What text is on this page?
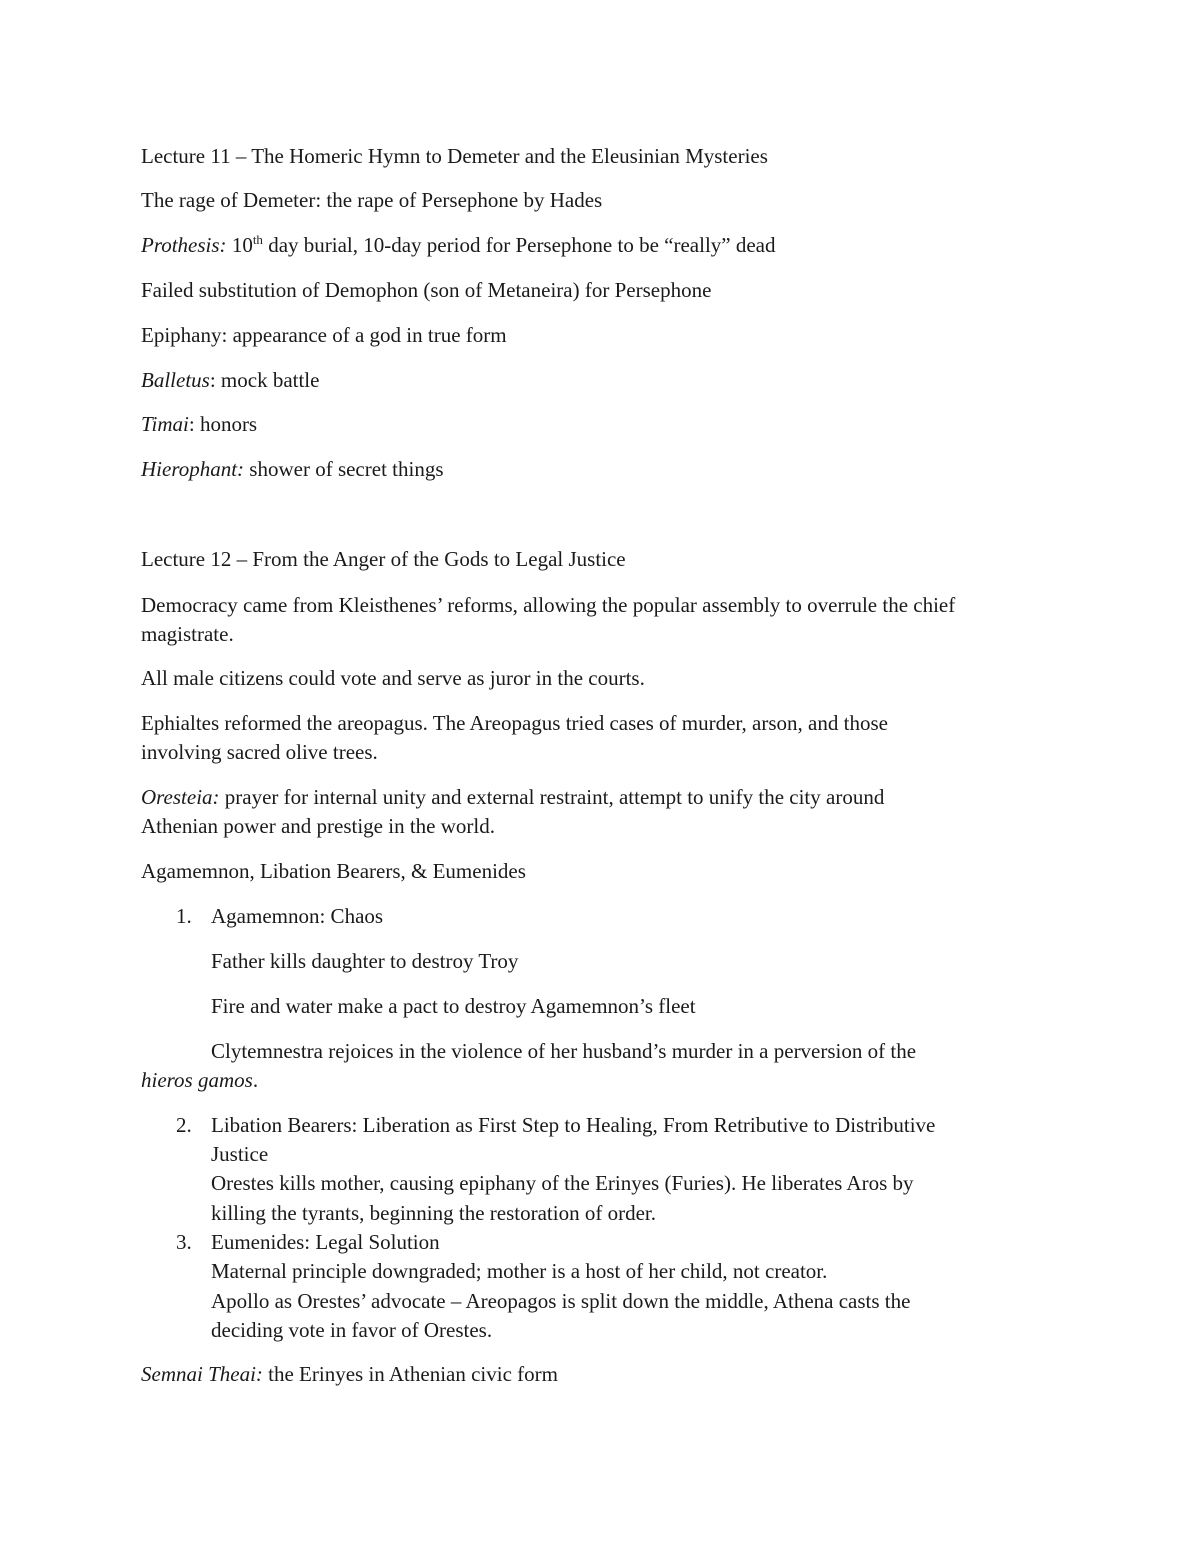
Lecture 11 – The Homeric Hymn to Demeter and the Eleusinian Mysteries
The rage of Demeter: the rape of Persephone by Hades
Prothesis: 10th day burial, 10-day period for Persephone to be “really” dead
Failed substitution of Demophon (son of Metaneira) for Persephone
Epiphany: appearance of a god in true form
Balletus: mock battle
Timai: honors
Hierophant: shower of secret things
Lecture 12 – From the Anger of the Gods to Legal Justice
Democracy came from Kleisthenes’ reforms, allowing the popular assembly to overrule the chief
magistrate.
All male citizens could vote and serve as juror in the courts.
Ephialtes reformed the areopagus. The Areopagus tried cases of murder, arson, and those
involving sacred olive trees.
Oresteia: prayer for internal unity and external restraint, attempt to unify the city around
Athenian power and prestige in the world.
Agamemnon, Libation Bearers, & Eumenides
1. Agamemnon: Chaos
Father kills daughter to destroy Troy
Fire and water make a pact to destroy Agamemnon’s fleet
Clytemnestra rejoices in the violence of her husband’s murder in a perversion of the
hieros gamos.
2. Libation Bearers: Liberation as First Step to Healing, From Retributive to Distributive
Justice
Orestes kills mother, causing epiphany of the Erinyes (Furies). He liberates Aros by
killing the tyrants, beginning the restoration of order.
3. Eumenides: Legal Solution
Maternal principle downgraded; mother is a host of her child, not creator.
Apollo as Orestes’ advocate – Areopagos is split down the middle, Athena casts the
deciding vote in favor of Orestes.
Semnai Theai: the Erinyes in Athenian civic form
